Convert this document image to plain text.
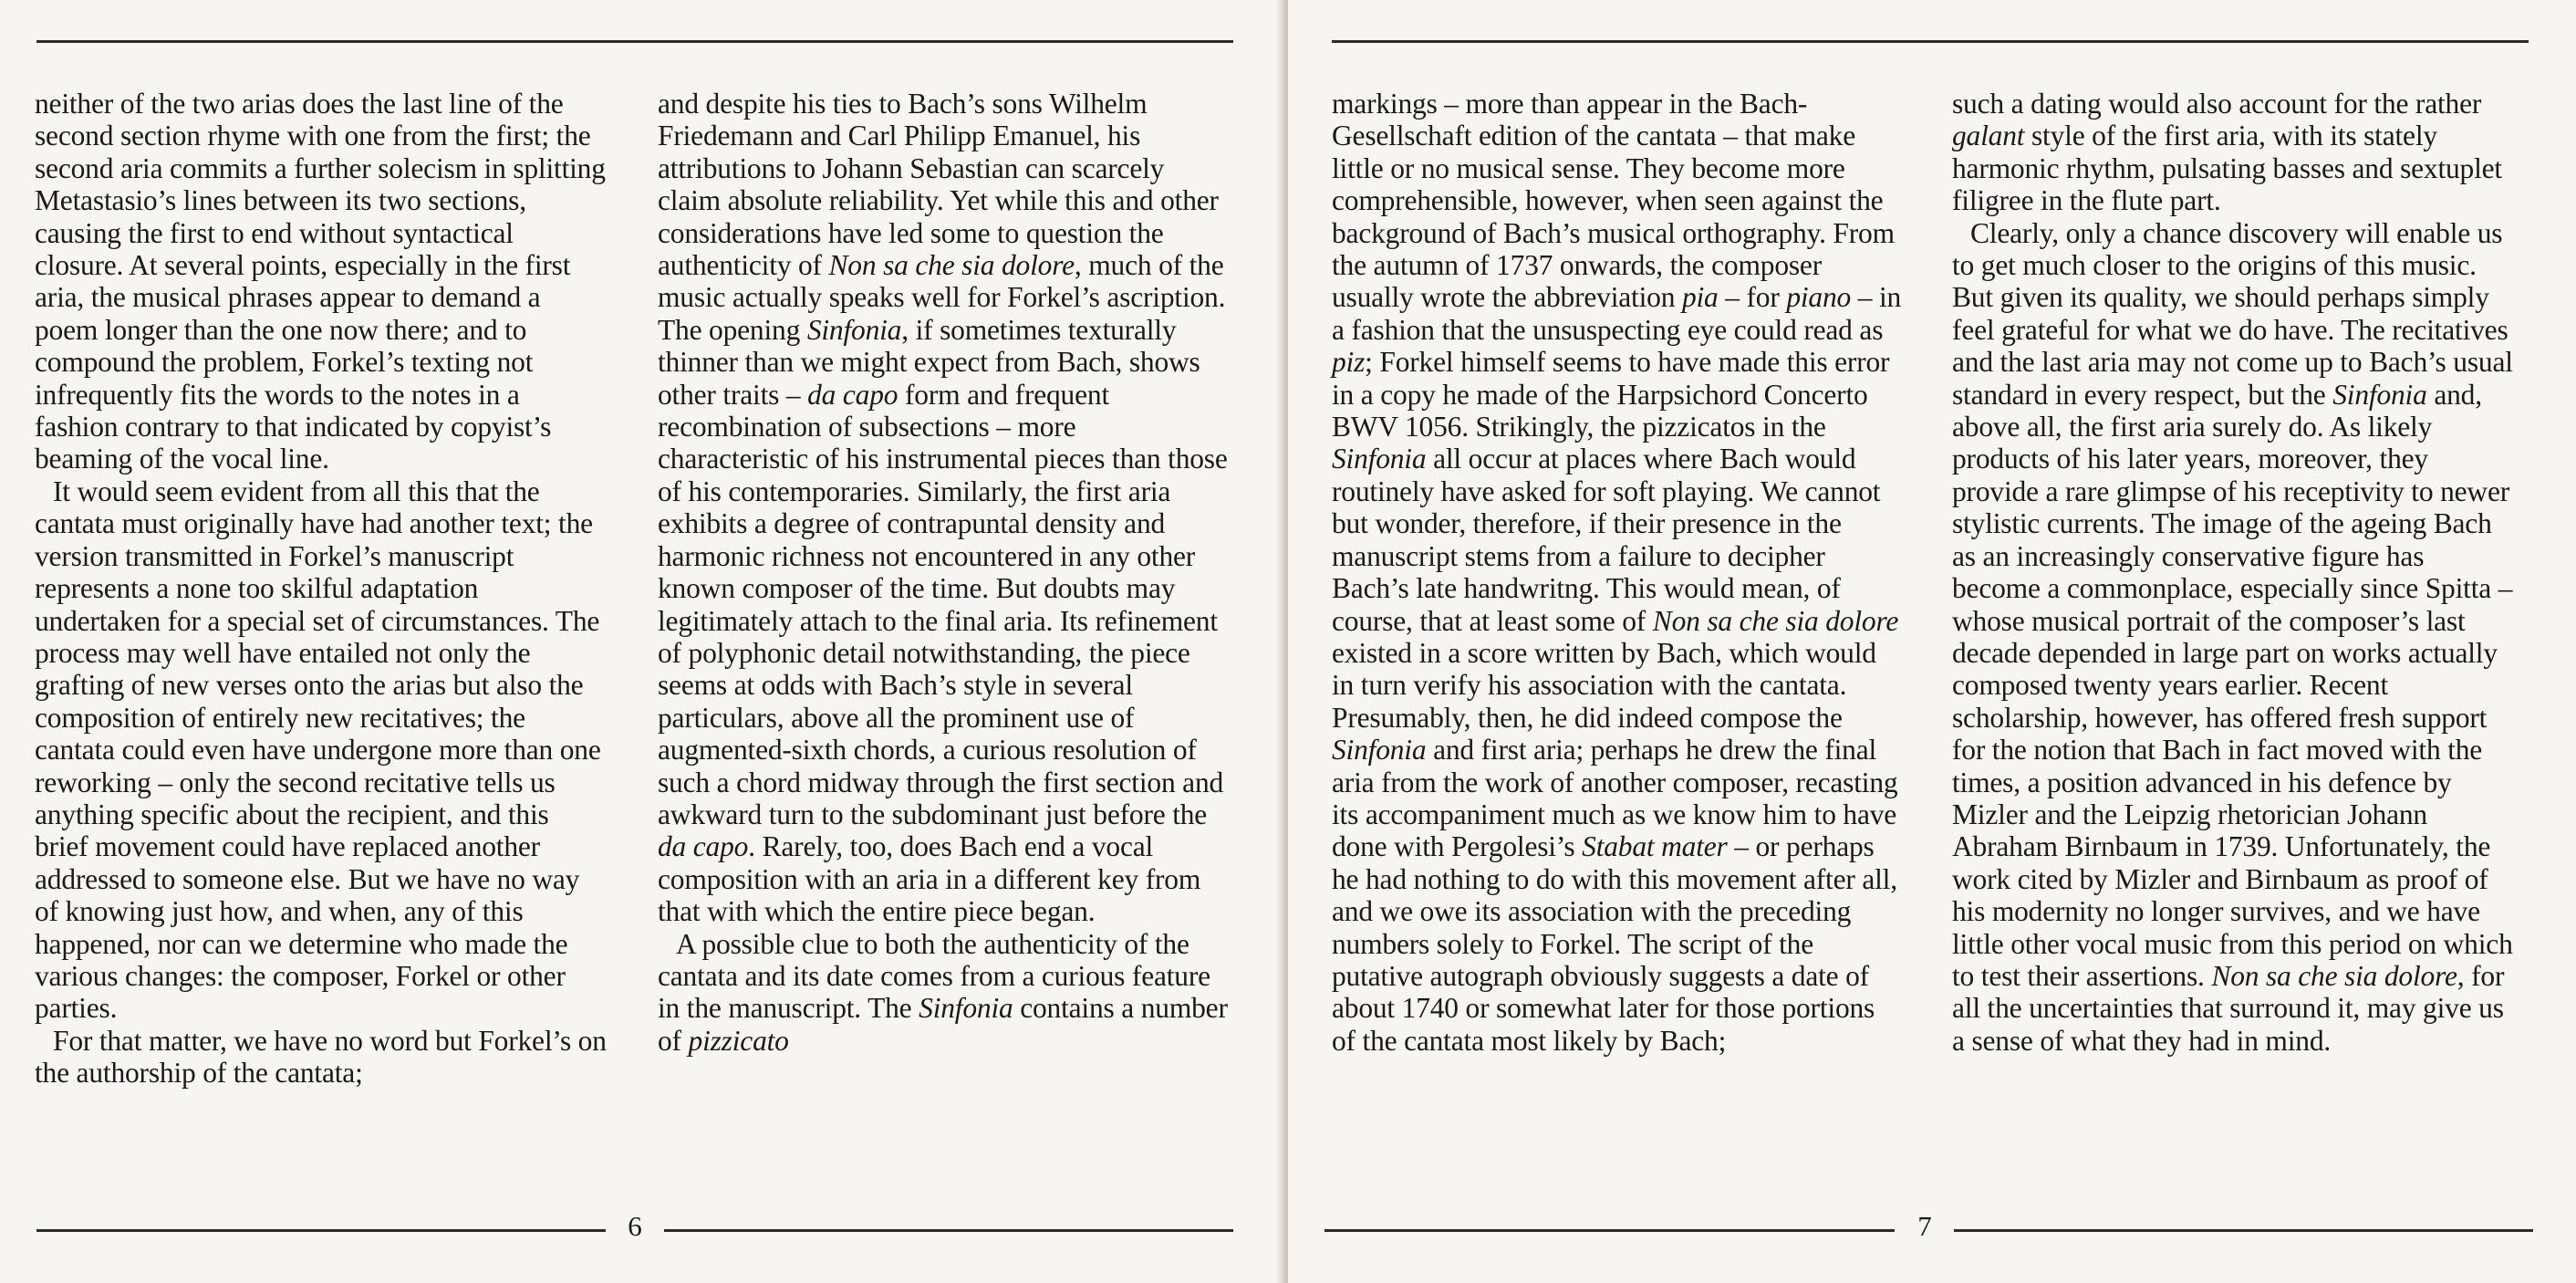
neither of the two arias does the last line of the second section rhyme with one from the first; the second aria commits a further solecism in splitting Metastasio’s lines between its two sections, causing the first to end without syntactical closure. At several points, especially in the first aria, the musical phrases appear to demand a poem longer than the one now there; and to compound the problem, Forkel’s texting not infrequently fits the words to the notes in a fashion contrary to that indicated by copyist’s beaming of the vocal line.

It would seem evident from all this that the cantata must originally have had another text; the version transmitted in Forkel’s manuscript represents a none too skilful adaptation undertaken for a special set of circumstances. The process may well have entailed not only the grafting of new verses onto the arias but also the composition of entirely new recitatives; the cantata could even have undergone more than one reworking – only the second recitative tells us anything specific about the recipient, and this brief movement could have replaced another addressed to someone else. But we have no way of knowing just how, and when, any of this happened, nor can we determine who made the various changes: the composer, Forkel or other parties.

For that matter, we have no word but Forkel’s on the authorship of the cantata;

and despite his ties to Bach’s sons Wilhelm Friedemann and Carl Philipp Emanuel, his attributions to Johann Sebastian can scarcely claim absolute reliability. Yet while this and other considerations have led some to question the authenticity of Non sa che sia dolore, much of the music actually speaks well for Forkel’s ascription. The opening Sinfonia, if sometimes texturally thinner than we might expect from Bach, shows other traits – da capo form and frequent recombination of subsections – more characteristic of his instrumental pieces than those of his contemporaries. Similarly, the first aria exhibits a degree of contrapuntal density and harmonic richness not encountered in any other known composer of the time. But doubts may legitimately attach to the final aria. Its refinement of polyphonic detail notwithstanding, the piece seems at odds with Bach’s style in several particulars, above all the prominent use of augmented-sixth chords, a curious resolution of such a chord midway through the first section and awkward turn to the subdominant just before the da capo. Rarely, too, does Bach end a vocal composition with an aria in a different key from that with which the entire piece began.

A possible clue to both the authenticity of the cantata and its date comes from a curious feature in the manuscript. The Sinfonia contains a number of pizzicato

6

markings – more than appear in the Bach-Gesellschaft edition of the cantata – that make little or no musical sense. They become more comprehensible, however, when seen against the background of Bach’s musical orthography. From the autumn of 1737 onwards, the composer usually wrote the abbreviation pia – for piano – in a fashion that the unsuspecting eye could read as piz; Forkel himself seems to have made this error in a copy he made of the Harpsichord Concerto BWV 1056. Strikingly, the pizzicatos in the Sinfonia all occur at places where Bach would routinely have asked for soft playing. We cannot but wonder, therefore, if their presence in the manuscript stems from a failure to decipher Bach’s late handwritng. This would mean, of course, that at least some of Non sa che sia dolore existed in a score written by Bach, which would in turn verify his association with the cantata. Presumably, then, he did indeed compose the Sinfonia and first aria; perhaps he drew the final aria from the work of another composer, recasting its accompaniment much as we know him to have done with Pergolesi’s Stabat mater – or perhaps he had nothing to do with this movement after all, and we owe its association with the preceding numbers solely to Forkel. The script of the putative autograph obviously suggests a date of about 1740 or somewhat later for those portions of the cantata most likely by Bach;

such a dating would also account for the rather galant style of the first aria, with its stately harmonic rhythm, pulsating basses and sextuplet filigree in the flute part.

Clearly, only a chance discovery will enable us to get much closer to the origins of this music. But given its quality, we should perhaps simply feel grateful for what we do have. The recitatives and the last aria may not come up to Bach’s usual standard in every respect, but the Sinfonia and, above all, the first aria surely do. As likely products of his later years, moreover, they provide a rare glimpse of his receptivity to newer stylistic currents. The image of the ageing Bach as an increasingly conservative figure has become a commonplace, especially since Spitta – whose musical portrait of the composer’s last decade depended in large part on works actually composed twenty years earlier. Recent scholarship, however, has offered fresh support for the notion that Bach in fact moved with the times, a position advanced in his defence by Mizler and the Leipzig rhetorician Johann Abraham Birnbaum in 1739. Unfortunately, the work cited by Mizler and Birnbaum as proof of his modernity no longer survives, and we have little other vocal music from this period on which to test their assertions. Non sa che sia dolore, for all the uncertainties that surround it, may give us a sense of what they had in mind.

7
